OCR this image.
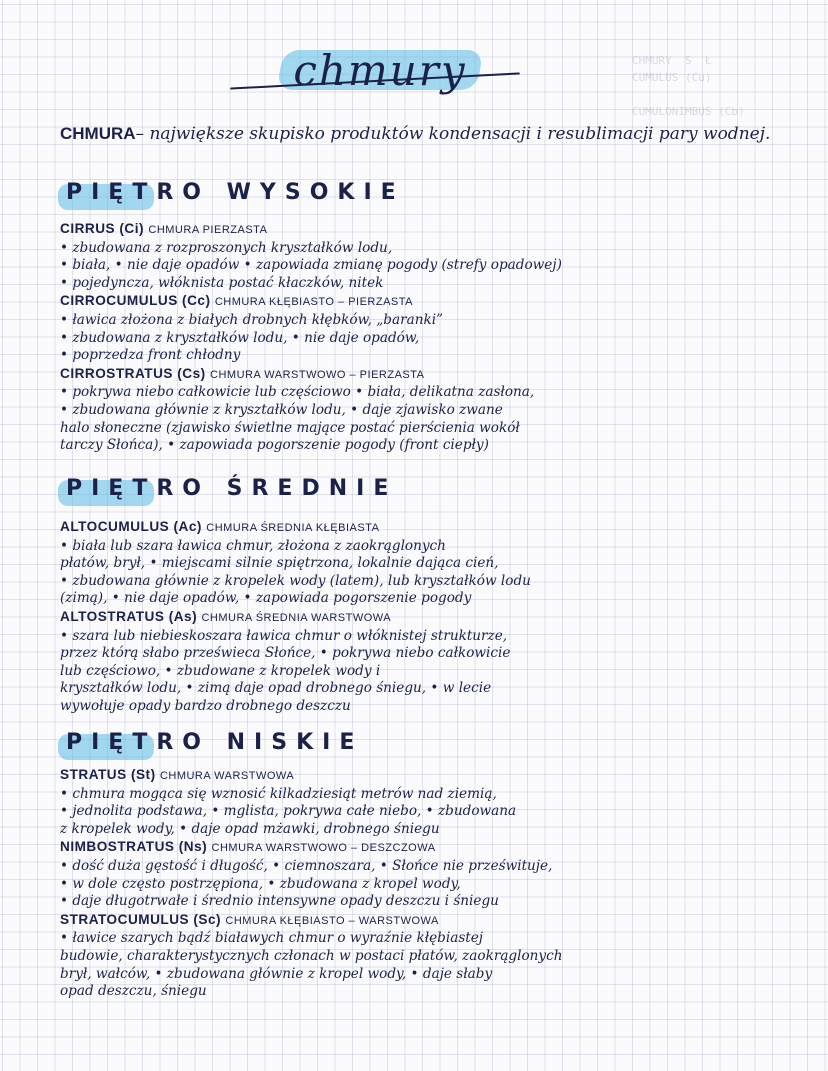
CHMURY  S  Ł
CUMULUS (Cu)

CUMULONIMBUS (Cb)

chmury
CHMURA– największe skupisko produktów kondensacji i resublimacji pary wodnej.
PIĘTRO WYSOKIE
CIRRUS (Ci) CHMURA PIERZASTA
• zbudowana z rozproszonych kryształków lodu,
• biała, • nie daje opadów • zapowiada zmianę pogody (strefy opadowej)
• pojedyncza, włóknista postać kłaczków, nitek
CIRROCUMULUS (Cc) CHMURA KŁĘBIASTO – PIERZASTA
• ławica złożona z białych drobnych kłębków, „baranki”
• zbudowana z kryształków lodu, • nie daje opadów,
• poprzedza front chłodny
CIRROSTRATUS (Cs) CHMURA WARSTWOWO – PIERZASTA
• pokrywa niebo całkowicie lub częściowo • biała, delikatna zasłona,
• zbudowana głównie z kryształków lodu, • daje zjawisko zwane
halo słoneczne (zjawisko świetlne mające postać pierścienia wokół
tarczy Słońca), • zapowiada pogorszenie pogody (front ciepły)
PIĘTRO ŚREDNIE
ALTOCUMULUS (Ac) CHMURA ŚREDNIA KŁĘBIASTA
• biała lub szara ławica chmur, złożona z zaokrąglonych
płatów, brył, • miejscami silnie spiętrzona, lokalnie dająca cień,
• zbudowana głównie z kropelek wody (latem), lub kryształków lodu
(zimą), • nie daje opadów, • zapowiada pogorszenie pogody
ALTOSTRATUS (As) CHMURA ŚREDNIA WARSTWOWA
• szara lub niebieskoszara ławica chmur o włóknistej strukturze,
przez którą słabo prześwieca Słońce, • pokrywa niebo całkowicie
lub częściowo, • zbudowane z kropelek wody i
kryształków lodu, • zimą daje opad drobnego śniegu, • w lecie
wywołuje opady bardzo drobnego deszczu
PIĘTRO NISKIE
STRATUS (St) CHMURA WARSTWOWA
• chmura mogąca się wznosić kilkadziesiąt metrów nad ziemią,
• jednolita podstawa, • mglista, pokrywa całe niebo, • zbudowana
z kropelek wody, • daje opad mżawki, drobnego śniegu
NIMBOSTRATUS (Ns) CHMURA WARSTWOWO – DESZCZOWA
• dość duża gęstość i długość, • ciemnoszara, • Słońce nie prześwituje,
• w dole często postrzępiona, • zbudowana z kropel wody,
• daje długotrwałe i średnio intensywne opady deszczu i śniegu
STRATOCUMULUS (Sc) CHMURA KŁĘBIASTO – WARSTWOWA
• ławice szarych bądź białawych chmur o wyraźnie kłębiastej
budowie, charakterystycznych członach w postaci płatów, zaokrąglonych
brył, wałców, • zbudowana głównie z kropel wody, • daje słaby
opad deszczu, śniegu
